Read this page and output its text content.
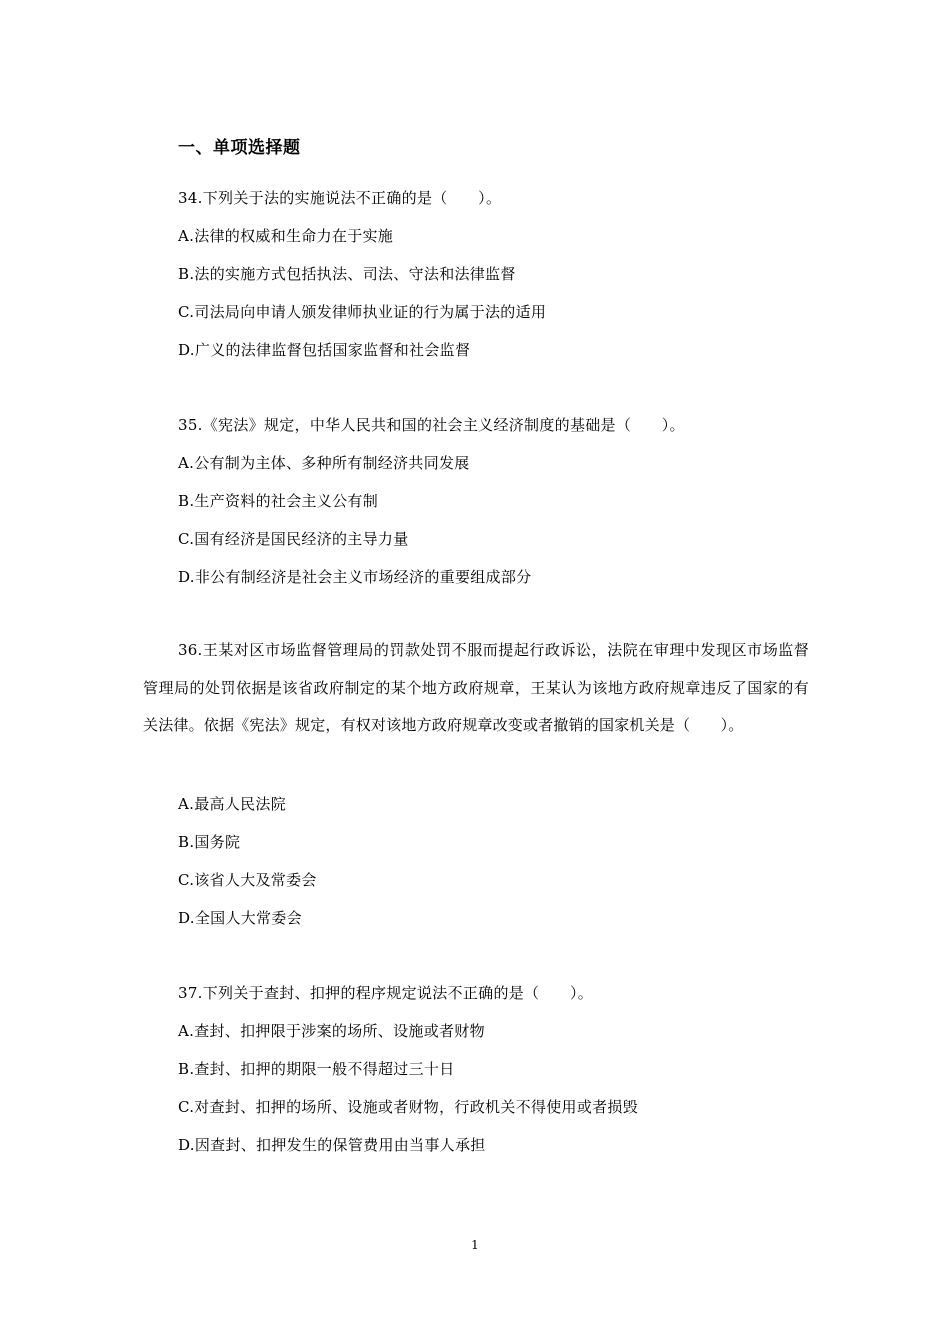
一、单项选择题
34.下列关于法的实施说法不正确的是（　　）。
A.法律的权威和生命力在于实施
B.法的实施方式包括执法、司法、守法和法律监督
C.司法局向申请人颁发律师执业证的行为属于法的适用
D.广义的法律监督包括国家监督和社会监督
35.《宪法》规定，中华人民共和国的社会主义经济制度的基础是（　　）。
A.公有制为主体、多种所有制经济共同发展
B.生产资料的社会主义公有制
C.国有经济是国民经济的主导力量
D.非公有制经济是社会主义市场经济的重要组成部分
36.王某对区市场监督管理局的罚款处罚不服而提起行政诉讼，法院在审理中发现区市场监督管理局的处罚依据是该省政府制定的某个地方政府规章，王某认为该地方政府规章违反了国家的有关法律。依据《宪法》规定，有权对该地方政府规章改变或者撤销的国家机关是（　　）。
A.最高人民法院
B.国务院
C.该省人大及常委会
D.全国人大常委会
37.下列关于查封、扣押的程序规定说法不正确的是（　　）。
A.查封、扣押限于涉案的场所、设施或者财物
B.查封、扣押的期限一般不得超过三十日
C.对查封、扣押的场所、设施或者财物，行政机关不得使用或者损毁
D.因查封、扣押发生的保管费用由当事人承担
1
